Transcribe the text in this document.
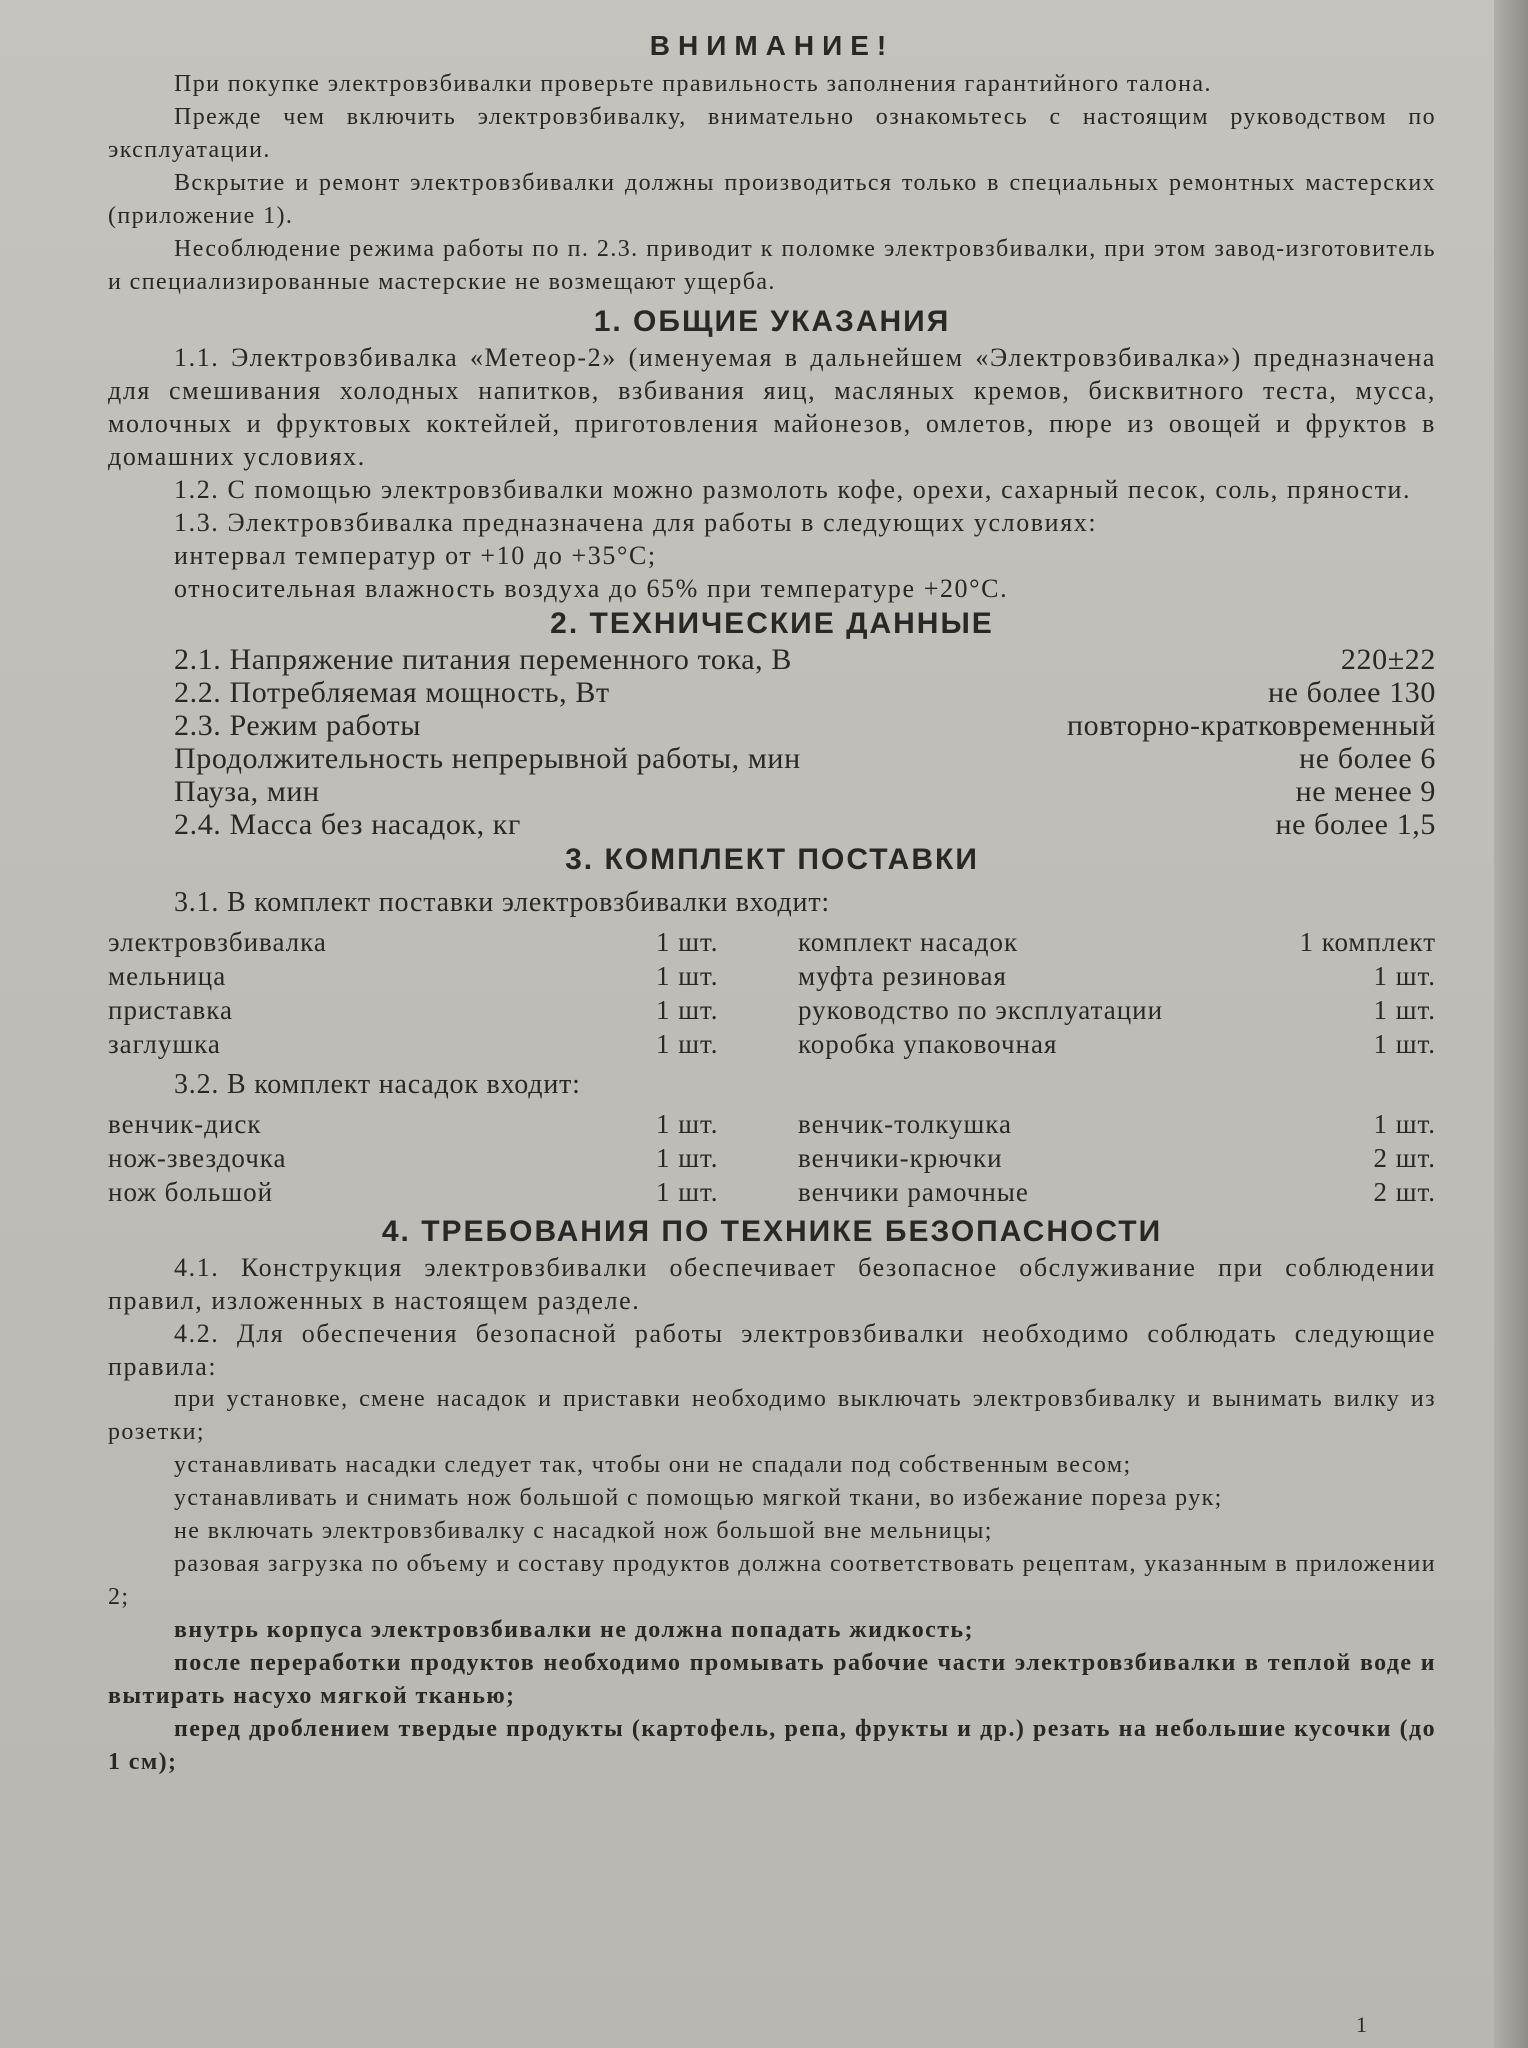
ВНИМАНИЕ!

При покупке электровзбивалки проверьте правильность заполнения гарантийного талона.

Прежде чем включить электровзбивалку, внимательно ознакомьтесь с настоящим руководством по эксплуатации.

Вскрытие и ремонт электровзбивалки должны производиться только в специальных ремонтных мастерских (приложение 1).

Несоблюдение режима работы по п. 2.3. приводит к поломке электровзбивалки, при этом завод-изготовитель и специализированные мастерские не возмещают ущерба.

1. ОБЩИЕ УКАЗАНИЯ

1.1. Электровзбивалка «Метеор-2» (именуемая в дальнейшем «Электровзбивалка») предназначена для смешивания холодных напитков, взбивания яиц, масляных кремов, бисквитного теста, мусса, молочных и фруктовых коктейлей, приготовления майонезов, омлетов, пюре из овощей и фруктов в домашних условиях.

1.2. С помощью электровзбивалки можно размолоть кофе, орехи, сахарный песок, соль, пряности.

1.3. Электровзбивалка предназначена для работы в следующих условиях:

интервал температур от +10 до +35°С;

относительная влажность воздуха до 65% при температуре +20°С.

2. ТЕХНИЧЕСКИЕ ДАННЫЕ
2.1. Напряжение питания переменного тока, В	220±22
2.2. Потребляемая мощность, Вт	не более 130
2.3. Режим работы	повторно-кратковременный
Продолжительность непрерывной работы, мин	не более 6
Пауза, мин	не менее 9
2.4. Масса без насадок, кг	не более 1,5
3. КОМПЛЕКТ ПОСТАВКИ
3.1. В комплект поставки электровзбивалки входит:
электровзбивалка	1 шт.	комплект насадок	1 комплект
мельница	1 шт.	муфта резиновая	1 шт.
приставка	1 шт.	руководство по эксплуатации	1 шт.
заглушка	1 шт.	коробка упаковочная	1 шт.
3.2. В комплект насадок входит:
венчик-диск	1 шт.	венчик-толкушка	1 шт.
нож-звездочка	1 шт.	венчики-крючки	2 шт.
нож большой	1 шт.	венчики рамочные	2 шт.
4. ТРЕБОВАНИЯ ПО ТЕХНИКЕ БЕЗОПАСНОСТИ

4.1. Конструкция электровзбивалки обеспечивает безопасное обслуживание при соблюдении правил, изложенных в настоящем разделе.

4.2. Для обеспечения безопасной работы электровзбивалки необходимо соблюдать следующие правила:

при установке, смене насадок и приставки необходимо выключать электровзбивалку и вынимать вилку из розетки;

устанавливать насадки следует так, чтобы они не спадали под собственным весом;

устанавливать и снимать нож большой с помощью мягкой ткани, во избежание пореза рук;

не включать электровзбивалку с насадкой нож большой вне мельницы;

разовая загрузка по объему и составу продуктов должна соответствовать рецептам, указанным в приложении 2;

внутрь корпуса электровзбивалки не должна попадать жидкость;

после переработки продуктов необходимо промывать рабочие части электровзбивалки в теплой воде и вытирать насухо мягкой тканью;

перед дроблением твердые продукты (картофель, репа, фрукты и др.) резать на небольшие кусочки (до 1 см);

1
